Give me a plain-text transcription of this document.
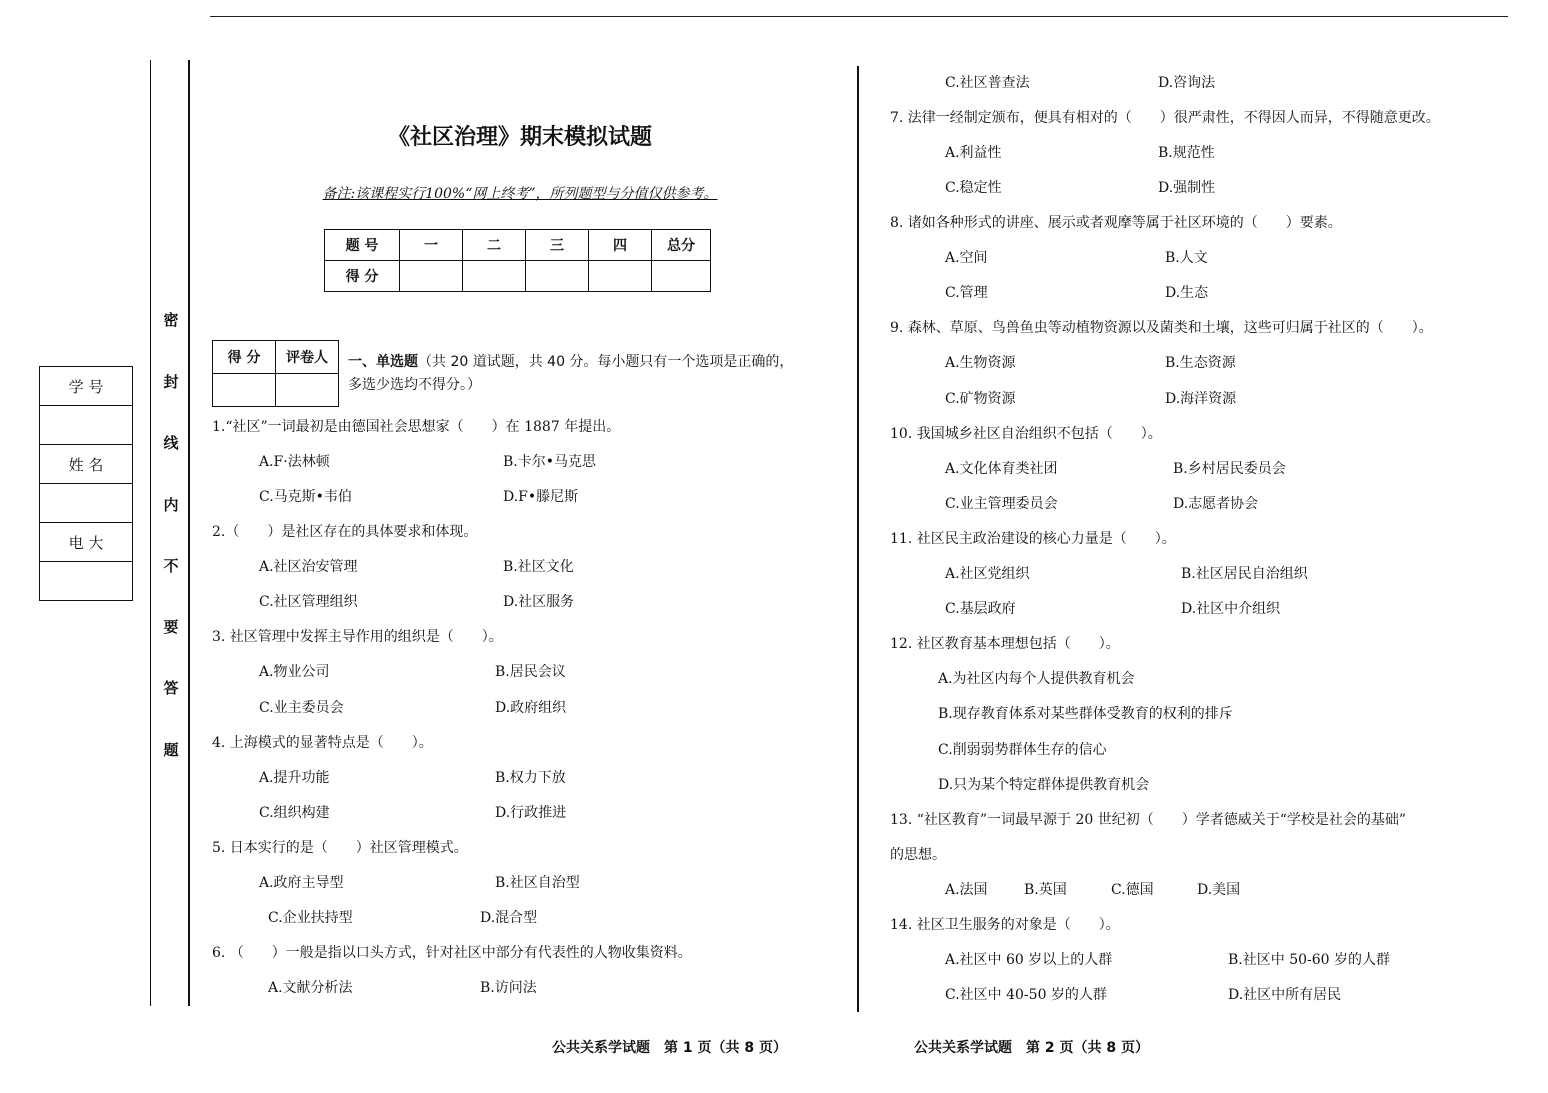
学 号

姓 名

电 大

密
封
线
内
不
要
答
题
《社区治理》期末模拟试题
备注:该课程实行100%“网上终考”，所列题型与分值仅供参考。
题 号	一	二	三	四	总分
得 分					
得 分	评卷人
	一、单选题（共 20 道试题，共 40 分。每小题只有一个选项是正确的，
多选少选均不得分。）
1.“社区”一词最初是由德国社会思想家（　　）在 1887 年提出。
A.F·法林顿	B.卡尔•马克思
C.马克斯•韦伯	D.F•滕尼斯
2.（　　）是社区存在的具体要求和体现。
A.社区治安管理	B.社区文化
C.社区管理组织	D.社区服务
3. 社区管理中发挥主导作用的组织是（　　）。
A.物业公司	B.居民会议
C.业主委员会	D.政府组织
4. 上海模式的显著特点是（　　）。
A.提升功能	B.权力下放
C.组织构建	D.行政推进
5. 日本实行的是（　　）社区管理模式。
A.政府主导型	B.社区自治型
C.企业扶持型	D.混合型
6. （　　）一般是指以口头方式，针对社区中部分有代表性的人物收集资料。
A.文献分析法	B.访问法
C.社区普查法	D.咨询法
7. 法律一经制定颁布，便具有相对的（　　）很严肃性，不得因人而异，不得随意更改。
A.利益性	B.规范性
C.稳定性	D.强制性
8. 诸如各种形式的讲座、展示或者观摩等属于社区环境的（　　）要素。
A.空间	B.人文
C.管理	D.生态
9. 森林、草原、鸟兽鱼虫等动植物资源以及菌类和土壤，这些可归属于社区的（　　）。
A.生物资源	B.生态资源
C.矿物资源	D.海洋资源
10. 我国城乡社区自治组织不包括（　　）。
A.文化体育类社团	B.乡村居民委员会
C.业主管理委员会	D.志愿者协会
11. 社区民主政治建设的核心力量是（　　）。
A.社区党组织	B.社区居民自治组织
C.基层政府	D.社区中介组织
12. 社区教育基本理想包括（　　）。
A.为社区内每个人提供教育机会
B.现存教育体系对某些群体受教育的权利的排斥
C.削弱弱势群体生存的信心
D.只为某个特定群体提供教育机会
13. “社区教育”一词最早源于 20 世纪初（　　）学者德威关于“学校是社会的基础”
的思想。
A.法国	B.英国	C.德国	D.美国
14. 社区卫生服务的对象是（　　）。
A.社区中 60 岁以上的人群	B.社区中 50-60 岁的人群
C.社区中 40-50 岁的人群	D.社区中所有居民
公共关系学试题　第 1 页（共 8 页）	公共关系学试题　第 2 页（共 8 页）
